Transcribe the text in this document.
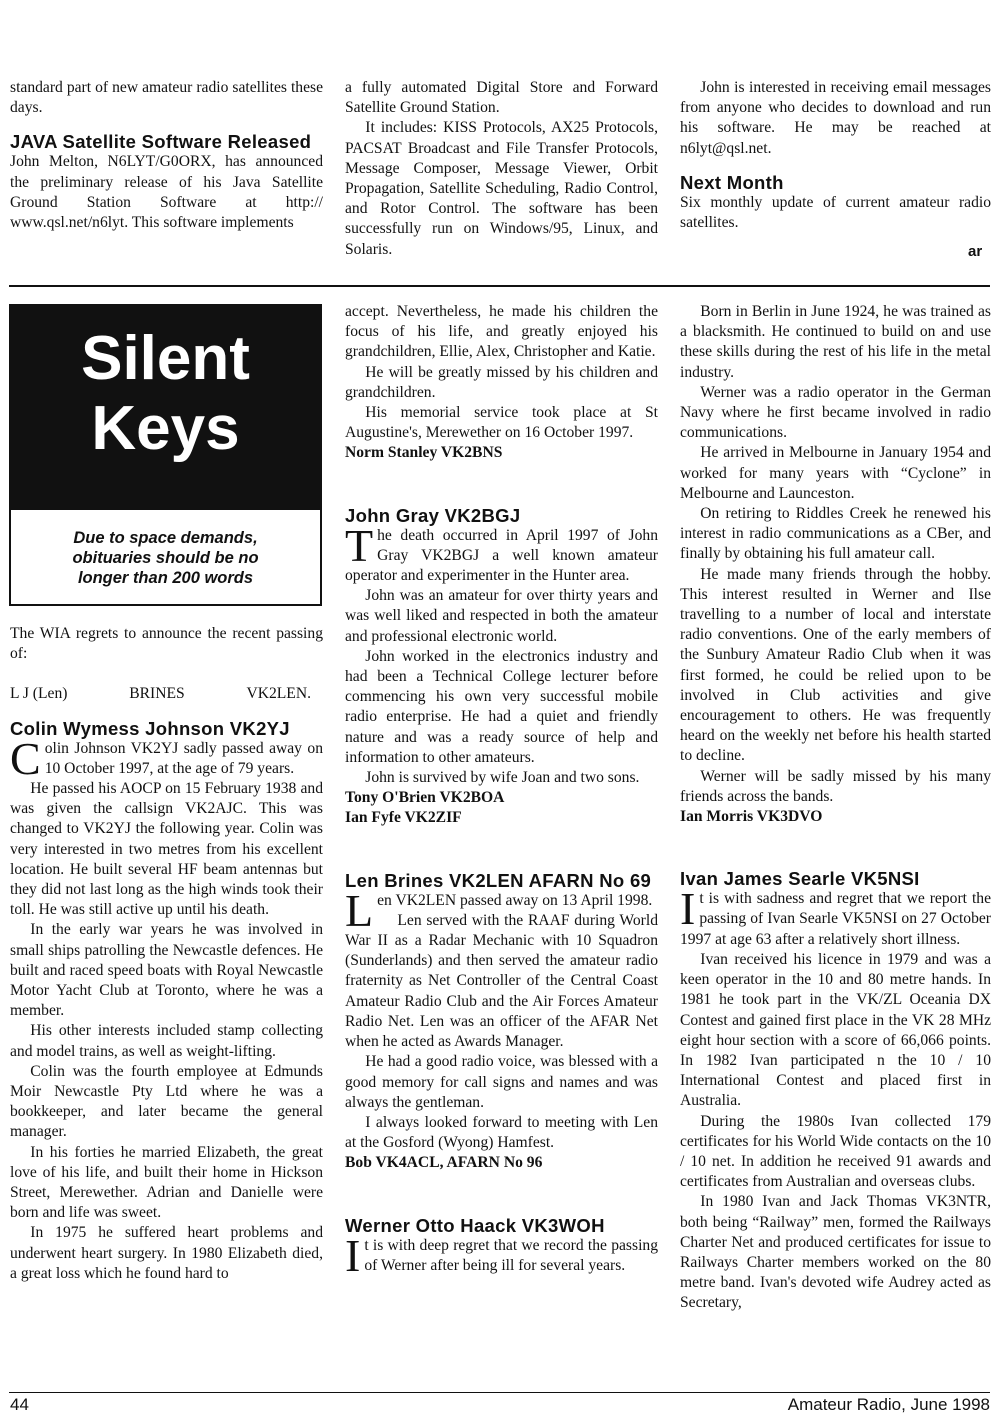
standard part of new amateur radio satellites these days.

JAVA Satellite Software Released

John Melton, N6LYT/G0ORX, has announced the preliminary release of his Java Satellite Ground Station Software at http:// www.qsl.net/n6lyt. This software implements

a fully automated Digital Store and Forward Satellite Ground Station.

It includes: KISS Protocols, AX25 Protocols, PACSAT Broadcast and File Transfer Protocols, Message Composer, Message Viewer, Orbit Propagation, Satellite Scheduling, Radio Control, and Rotor Control. The software has been successfully run on Windows/95, Linux, and Solaris.

John is interested in receiving email messages from anyone who decides to download and run his software. He may be reached at n6lyt@qsl.net.

Next Month

Six monthly update of current amateur radio satellites.

ar
Silent
Keys
Due to space demands, obituaries should be no longer than 200 words

The WIA regrets to announce the recent passing of:

L J (Len)	BRINES	VK2LEN.
Colin Wymess Johnson VK2YJ

Colin Johnson VK2YJ sadly passed away on 10 October 1997, at the age of 79 years.

He passed his AOCP on 15 February 1938 and was given the callsign VK2AJC. This was changed to VK2YJ the following year. Colin was very interested in two metres from his excellent location. He built several HF beam antennas but they did not last long as the high winds took their toll. He was still active up until his death.

In the early war years he was involved in small ships patrolling the Newcastle defences. He built and raced speed boats with Royal Newcastle Motor Yacht Club at Toronto, where he was a member.

His other interests included stamp collecting and model trains, as well as weight-lifting.

Colin was the fourth employee at Edmunds Moir Newcastle Pty Ltd where he was a bookkeeper, and later became the general manager.

In his forties he married Elizabeth, the great love of his life, and built their home in Hickson Street, Merewether. Adrian and Danielle were born and life was sweet.

In 1975 he suffered heart problems and underwent heart surgery. In 1980 Elizabeth died, a great loss which he found hard to

accept. Nevertheless, he made his children the focus of his life, and greatly enjoyed his grandchildren, Ellie, Alex, Christopher and Katie.

He will be greatly missed by his children and grandchildren.

His memorial service took place at St Augustine's, Merewether on 16 October 1997.

Norm Stanley VK2BNS

John Gray VK2BGJ

The death occurred in April 1997 of John Gray VK2BGJ a well known amateur operator and experimenter in the Hunter area.

John was an amateur for over thirty years and was well liked and respected in both the amateur and professional electronic world.

John worked in the electronics industry and had been a Technical College lecturer before commencing his own very successful mobile radio enterprise. He had a quiet and friendly nature and was a ready source of help and information to other amateurs.

John is survived by wife Joan and two sons.

Tony O'Brien VK2BOA

Ian Fyfe VK2ZIF

Len Brines VK2LEN AFARN No 69

Len VK2LEN passed away on 13 April 1998.

Len served with the RAAF during World War II as a Radar Mechanic with 10 Squadron (Sunderlands) and then served the amateur radio fraternity as Net Controller of the Central Coast Amateur Radio Club and the Air Forces Amateur Radio Net. Len was an officer of the AFAR Net when he acted as Awards Manager.

He had a good radio voice, was blessed with a good memory for call signs and names and was always the gentleman.

I always looked forward to meeting with Len at the Gosford (Wyong) Hamfest.

Bob VK4ACL, AFARN No 96

Werner Otto Haack VK3WOH

It is with deep regret that we record the passing of Werner after being ill for several years.

Born in Berlin in June 1924, he was trained as a blacksmith. He continued to build on and use these skills during the rest of his life in the metal industry.

Werner was a radio operator in the German Navy where he first became involved in radio communications.

He arrived in Melbourne in January 1954 and worked for many years with “Cyclone” in Melbourne and Launceston.

On retiring to Riddles Creek he renewed his interest in radio communications as a CBer, and finally by obtaining his full amateur call.

He made many friends through the hobby. This interest resulted in Werner and Ilse travelling to a number of local and interstate radio conventions. One of the early members of the Sunbury Amateur Radio Club when it was first formed, he could be relied upon to be involved in Club activities and give encouragement to others. He was frequently heard on the weekly net before his health started to decline.

Werner will be sadly missed by his many friends across the bands.

Ian Morris VK3DVO

Ivan James Searle VK5NSI

It is with sadness and regret that we report the passing of Ivan Searle VK5NSI on 27 October 1997 at age 63 after a relatively short illness.

Ivan received his licence in 1979 and was a keen operator in the 10 and 80 metre hands. In 1981 he took part in the VK/ZL Oceania DX Contest and gained first place in the VK 28 MHz eight hour section with a score of 66,066 points. In 1982 Ivan participated n the 10 / 10 International Contest and placed first in Australia.

During the 1980s Ivan collected 179 certificates for his World Wide contacts on the 10 / 10 net. In addition he received 91 awards and certificates from Australian and overseas clubs.

In 1980 Ivan and Jack Thomas VK3NTR, both being “Railway” men, formed the Railways Charter Net and produced certificates for issue to Railways Charter members worked on the 80 metre band. Ivan's devoted wife Audrey acted as Secretary,

44	Amateur Radio, June 1998
